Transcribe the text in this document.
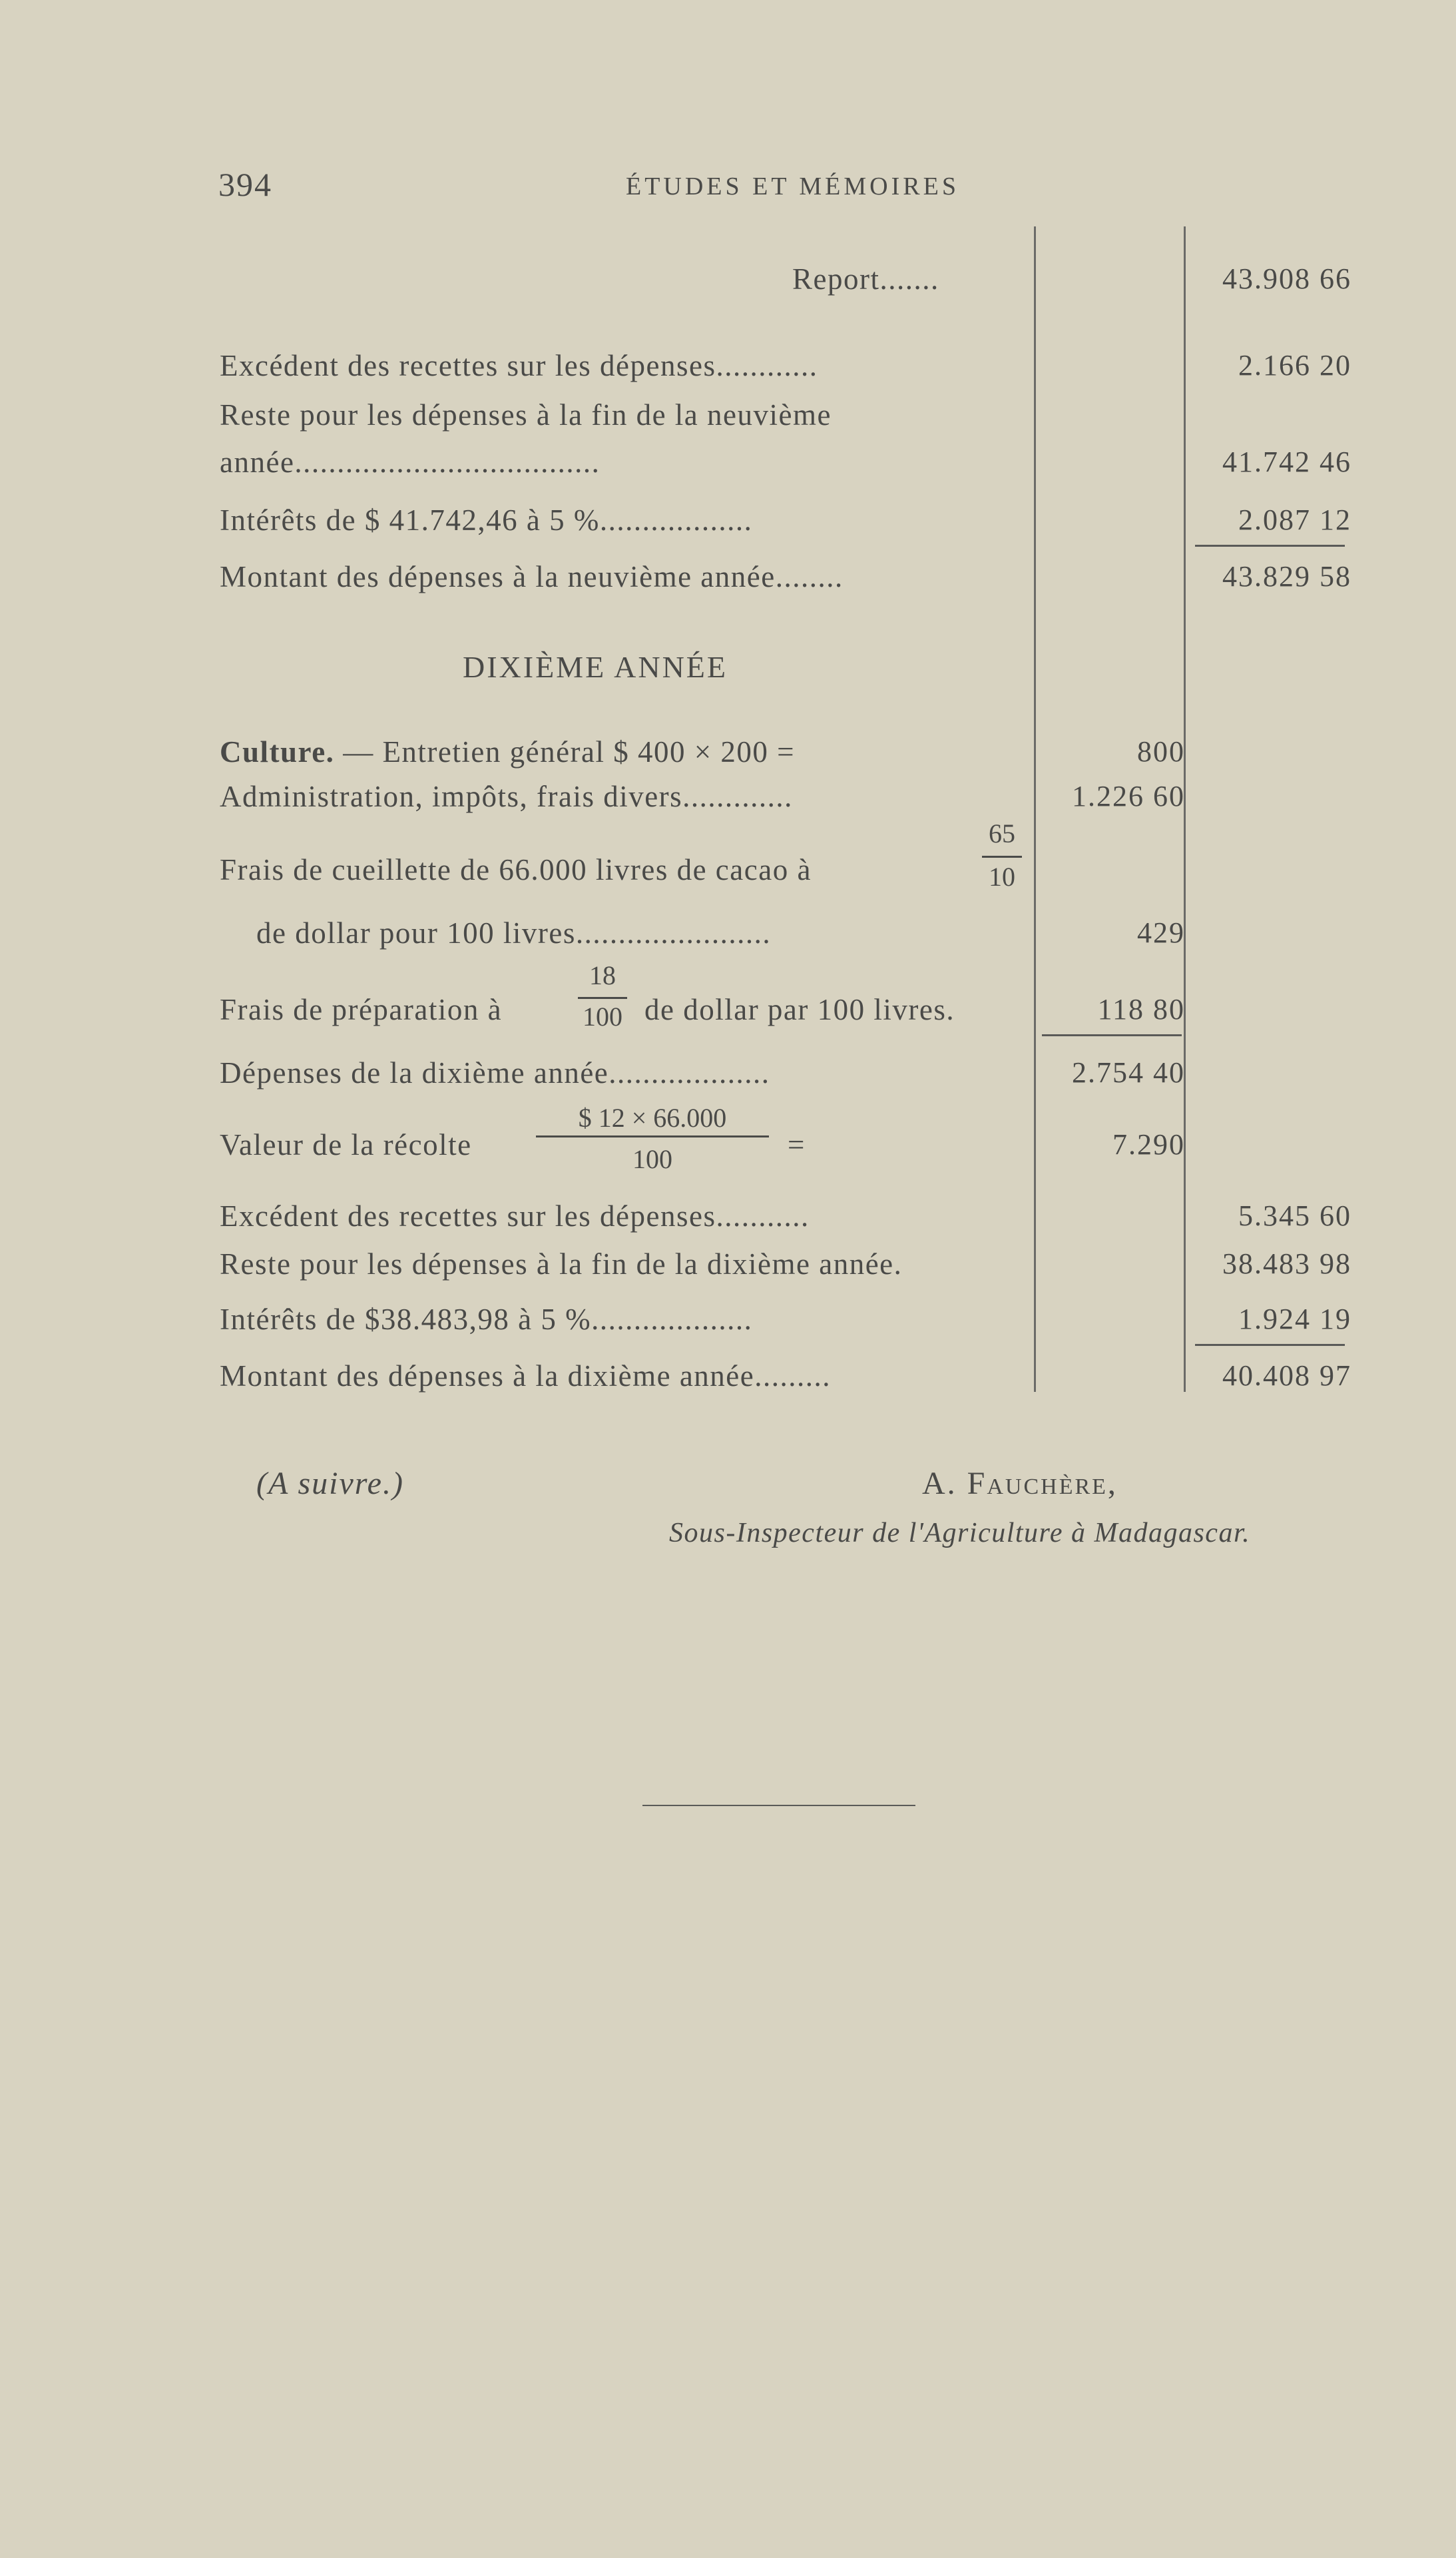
394	ÉTUDES ET MÉMOIRES
Report.......	43.908 66
Excédent des recettes sur les dépenses............	2.166 20
Reste pour les dépenses à la fin de la neuvième
année....................................	41.742 46
Intérêts de $ 41.742,46 à 5 %..................	2.087 12
Montant des dépenses à la neuvième année........	43.829 58
DIXIÈME ANNÉE
Culture. — Entretien général $ 400 × 200 =	800
Administration, impôts, frais divers.............	1.226 60
Frais de cueillette de 66.000 livres de cacao à
65
10
de dollar pour 100 livres.......................	429
Frais de préparation à
18
100 de dollar par 100 livres.	118 80
Dépenses de la dixième année...................	2.754 40
Valeur de la récolte
$ 12 × 66.000
100	=	7.290
Excédent des recettes sur les dépenses...........	5.345 60
Reste pour les dépenses à la fin de la dixième année.	38.483 98
Intérêts de $38.483,98 à 5 %...................	1.924 19
Montant des dépenses à la dixième année.........	40.408 97
(A suivre.)	A. Fauchère,
Sous-Inspecteur de l'Agriculture à Madagascar.
